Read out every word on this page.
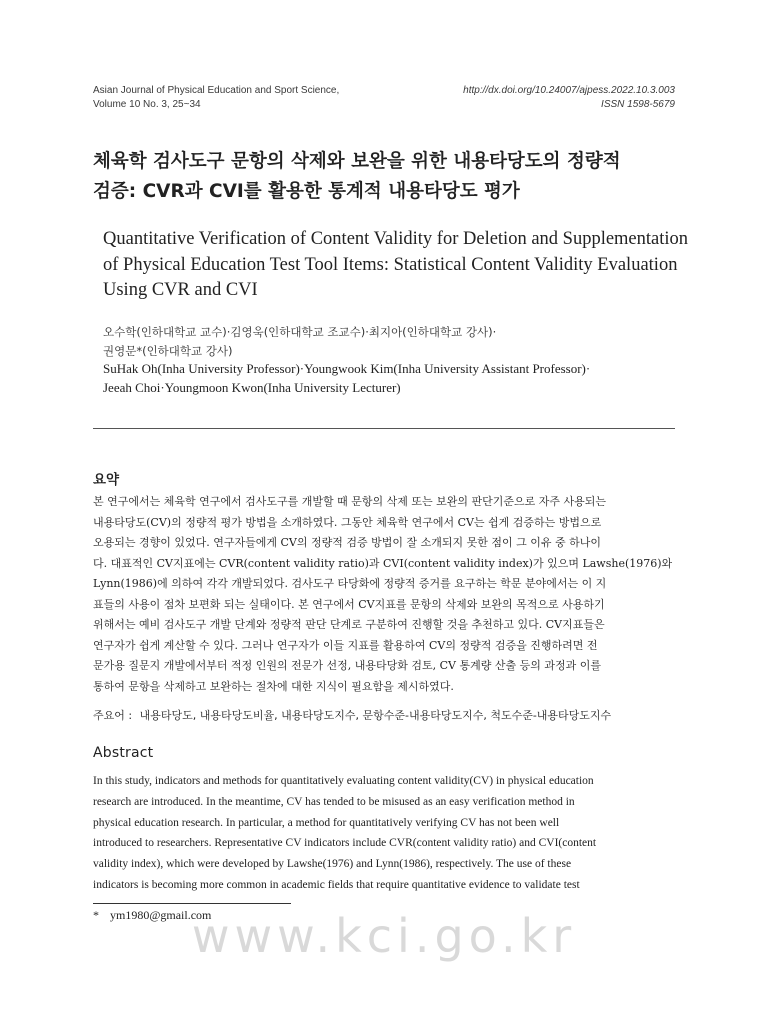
Asian Journal of Physical Education and Sport Science,
Volume 10 No. 3, 25~34
http://dx.doi.org/10.24007/ajpess.2022.10.3.003
ISSN 1598-5679
체육학 검사도구 문항의 삭제와 보완을 위한 내용타당도의 정량적
검증: CVR과 CVI를 활용한 통계적 내용타당도 평가
Quantitative Verification of Content Validity for Deletion and Supplementation
of Physical Education Test Tool Items: Statistical Content Validity Evaluation
Using CVR and CVI
오수학(인하대학교 교수)·김영욱(인하대학교 조교수)·최지아(인하대학교 강사)·
권영문*(인하대학교 강사)
SuHak Oh(Inha University Professor)·Youngwook Kim(Inha University Assistant Professor)·
Jeeah Choi·Youngmoon Kwon(Inha University Lecturer)
요약

본 연구에서는 체육학 연구에서 검사도구를 개발할 때 문항의 삭제 또는 보완의 판단기준으로 자주 사용되는
내용타당도(CV)의 정량적 평가 방법을 소개하였다. 그동안 체육학 연구에서 CV는 쉽게 검증하는 방법으로
오용되는 경향이 있었다. 연구자들에게 CV의 정량적 검증 방법이 잘 소개되지 못한 점이 그 이유 중 하나이
다. 대표적인 CV지표에는 CVR(content validity ratio)과 CVI(content validity index)가 있으며 Lawshe(1976)와
Lynn(1986)에 의하여 각각 개발되었다. 검사도구 타당화에 정량적 증거를 요구하는 학문 분야에서는 이 지
표들의 사용이 점차 보편화 되는 실태이다. 본 연구에서 CV지표를 문항의 삭제와 보완의 목적으로 사용하기
위해서는 예비 검사도구 개발 단계와 정량적 판단 단계로 구분하여 진행할 것을 추천하고 있다. CV지표들은
연구자가 쉽게 계산할 수 있다. 그러나 연구자가 이들 지표를 활용하여 CV의 정량적 검증을 진행하려면 전
문가용 질문지 개발에서부터 적정 인원의 전문가 선정, 내용타당화 검토, CV 통계량 산출 등의 과정과 이를
통하여 문항을 삭제하고 보완하는 절차에 대한 지식이 필요함을 제시하였다.

주요어 : 내용타당도, 내용타당도비율, 내용타당도지수, 문항수준-내용타당도지수, 척도수준-내용타당도지수
Abstract

In this study, indicators and methods for quantitatively evaluating content validity(CV) in physical education
research are introduced. In the meantime, CV has tended to be misused as an easy verification method in
physical education research. In particular, a method for quantitatively verifying CV has not been well
introduced to researchers. Representative CV indicators include CVR(content validity ratio) and CVI(content
validity index), which were developed by Lawshe(1976) and Lynn(1986), respectively. The use of these
indicators is becoming more common in academic fields that require quantitative evidence to validate test

* ym1980@gmail.com
www.kci.go.kr
